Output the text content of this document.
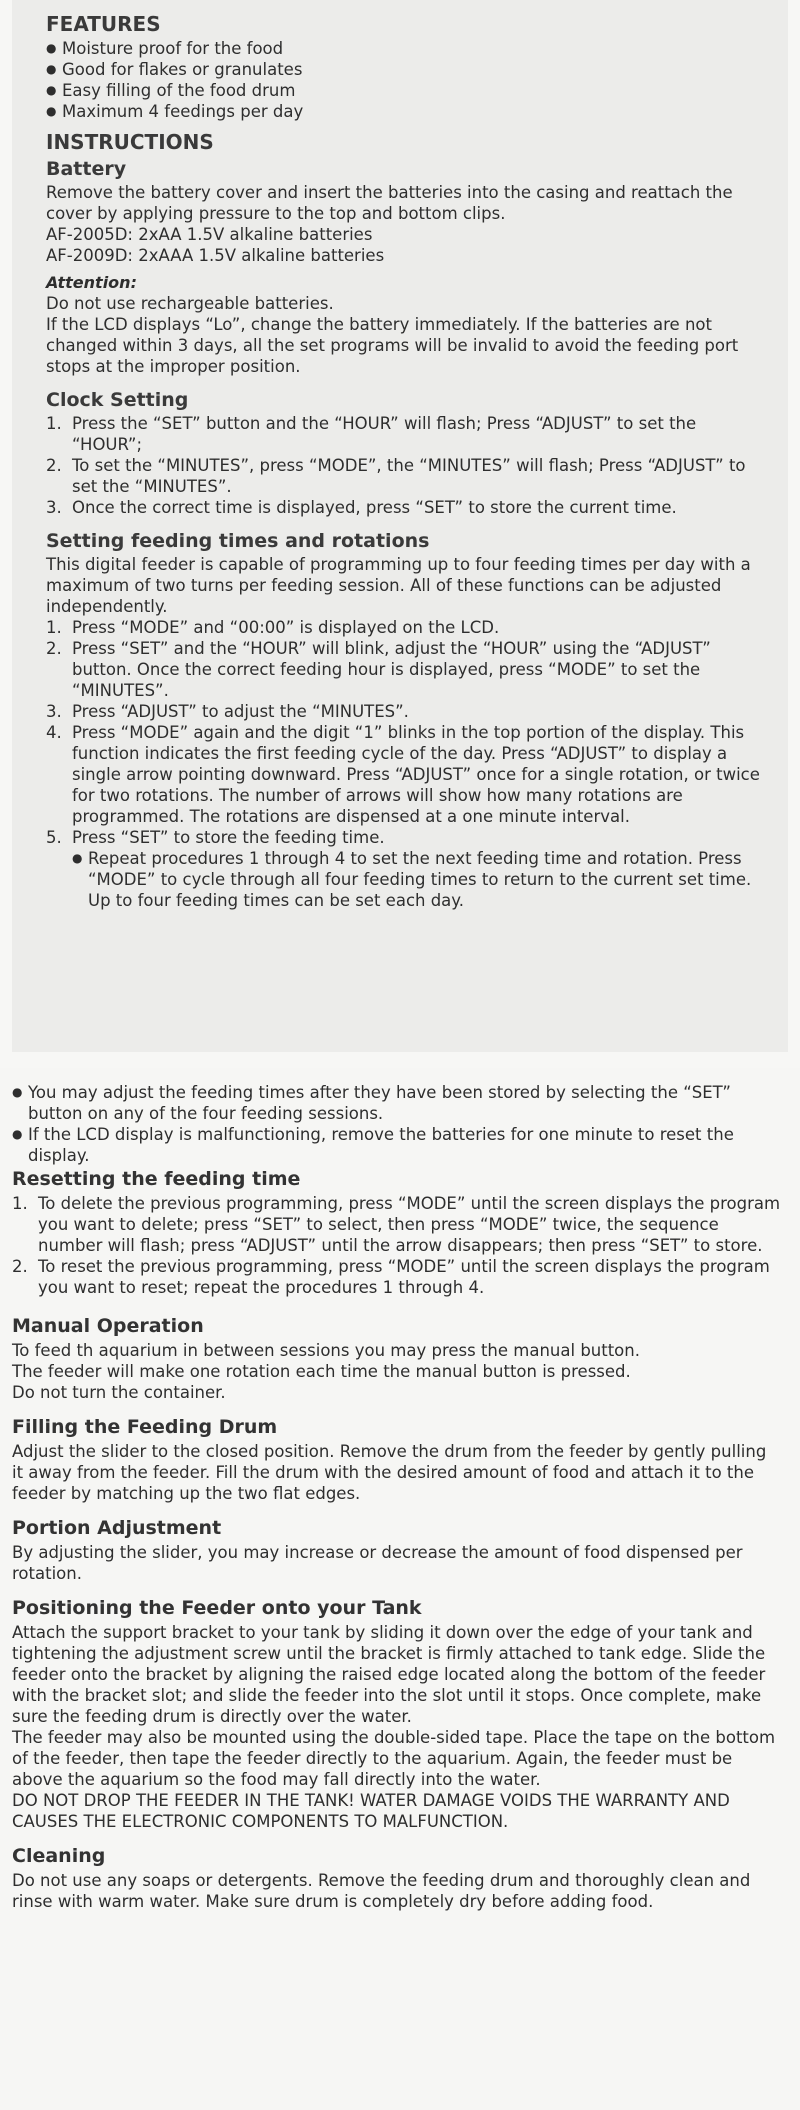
FEATURES
● Moisture proof for the food
● Good for flakes or granulates
● Easy filling of the food drum
● Maximum 4 feedings per day
INSTRUCTIONS
Battery

Remove the battery cover and insert the batteries into the casing and reattach the cover by applying pressure to the top and bottom clips.

AF-2005D: 2xAA 1.5V alkaline batteries

AF-2009D: 2xAAA 1.5V alkaline batteries

Attention:

Do not use rechargeable batteries.
If the LCD displays “Lo”, change the battery immediately. If the batteries are not changed within 3 days, all the set programs will be invalid to avoid the feeding port stops at the improper position.

Clock Setting
1. Press the “SET” button and the “HOUR” will flash; Press “ADJUST” to set the “HOUR”;
2. To set the “MINUTES”, press “MODE”, the “MINUTES” will flash; Press “ADJUST” to set the “MINUTES”.
3. Once the correct time is displayed, press “SET” to store the current time.
Setting feeding times and rotations

This digital feeder is capable of programming up to four feeding times per day with a maximum of two turns per feeding session. All of these functions can be adjusted independently.

1. Press “MODE” and “00:00” is displayed on the LCD.
2. Press “SET” and the “HOUR” will blink, adjust the “HOUR” using the “ADJUST” button. Once the correct feeding hour is displayed, press “MODE” to set the “MINUTES”.
3. Press “ADJUST” to adjust the “MINUTES”.
4. Press “MODE” again and the digit “1” blinks in the top portion of the display. This function indicates the first feeding cycle of the day. Press “ADJUST” to display a single arrow pointing downward. Press “ADJUST” once for a single rotation, or twice for two rotations. The number of arrows will show how many rotations are programmed. The rotations are dispensed at a one minute interval.
5. Press “SET” to store the feeding time.
● Repeat procedures 1 through 4 to set the next feeding time and rotation. Press “MODE” to cycle through all four feeding times to return to the current set time. Up to four feeding times can be set each day.
● You may adjust the feeding times after they have been stored by selecting the “SET” button on any of the four feeding sessions.
● If the LCD display is malfunctioning, remove the batteries for one minute to reset the display.
Resetting the feeding time
1. To delete the previous programming, press “MODE” until the screen displays the program you want to delete; press “SET” to select, then press “MODE” twice, the sequence number will flash; press “ADJUST” until the arrow disappears; then press “SET” to store.
2. To reset the previous programming, press “MODE” until the screen displays the program you want to reset; repeat the procedures 1 through 4.
Manual Operation

To feed th aquarium in between sessions you may press the manual button.
The feeder will make one rotation each time the manual button is pressed.
Do not turn the container.

Filling the Feeding Drum

Adjust the slider to the closed position. Remove the drum from the feeder by gently pulling it away from the feeder. Fill the drum with the desired amount of food and attach it to the feeder by matching up the two flat edges.

Portion Adjustment

By adjusting the slider, you may increase or decrease the amount of food dispensed per rotation.

Positioning the Feeder onto your Tank

Attach the support bracket to your tank by sliding it down over the edge of your tank and tightening the adjustment screw until the bracket is firmly attached to tank edge. Slide the feeder onto the bracket by aligning the raised edge located along the bottom of the feeder with the bracket slot; and slide the feeder into the slot until it stops. Once complete, make sure the feeding drum is directly over the water.

The feeder may also be mounted using the double-sided tape. Place the tape on the bottom of the feeder, then tape the feeder directly to the aquarium. Again, the feeder must be above the aquarium so the food may fall directly into the water.

DO NOT DROP THE FEEDER IN THE TANK! WATER DAMAGE VOIDS THE WARRANTY AND CAUSES THE ELECTRONIC COMPONENTS TO MALFUNCTION.

Cleaning

Do not use any soaps or detergents. Remove the feeding drum and thoroughly clean and rinse with warm water. Make sure drum is completely dry before adding food.
